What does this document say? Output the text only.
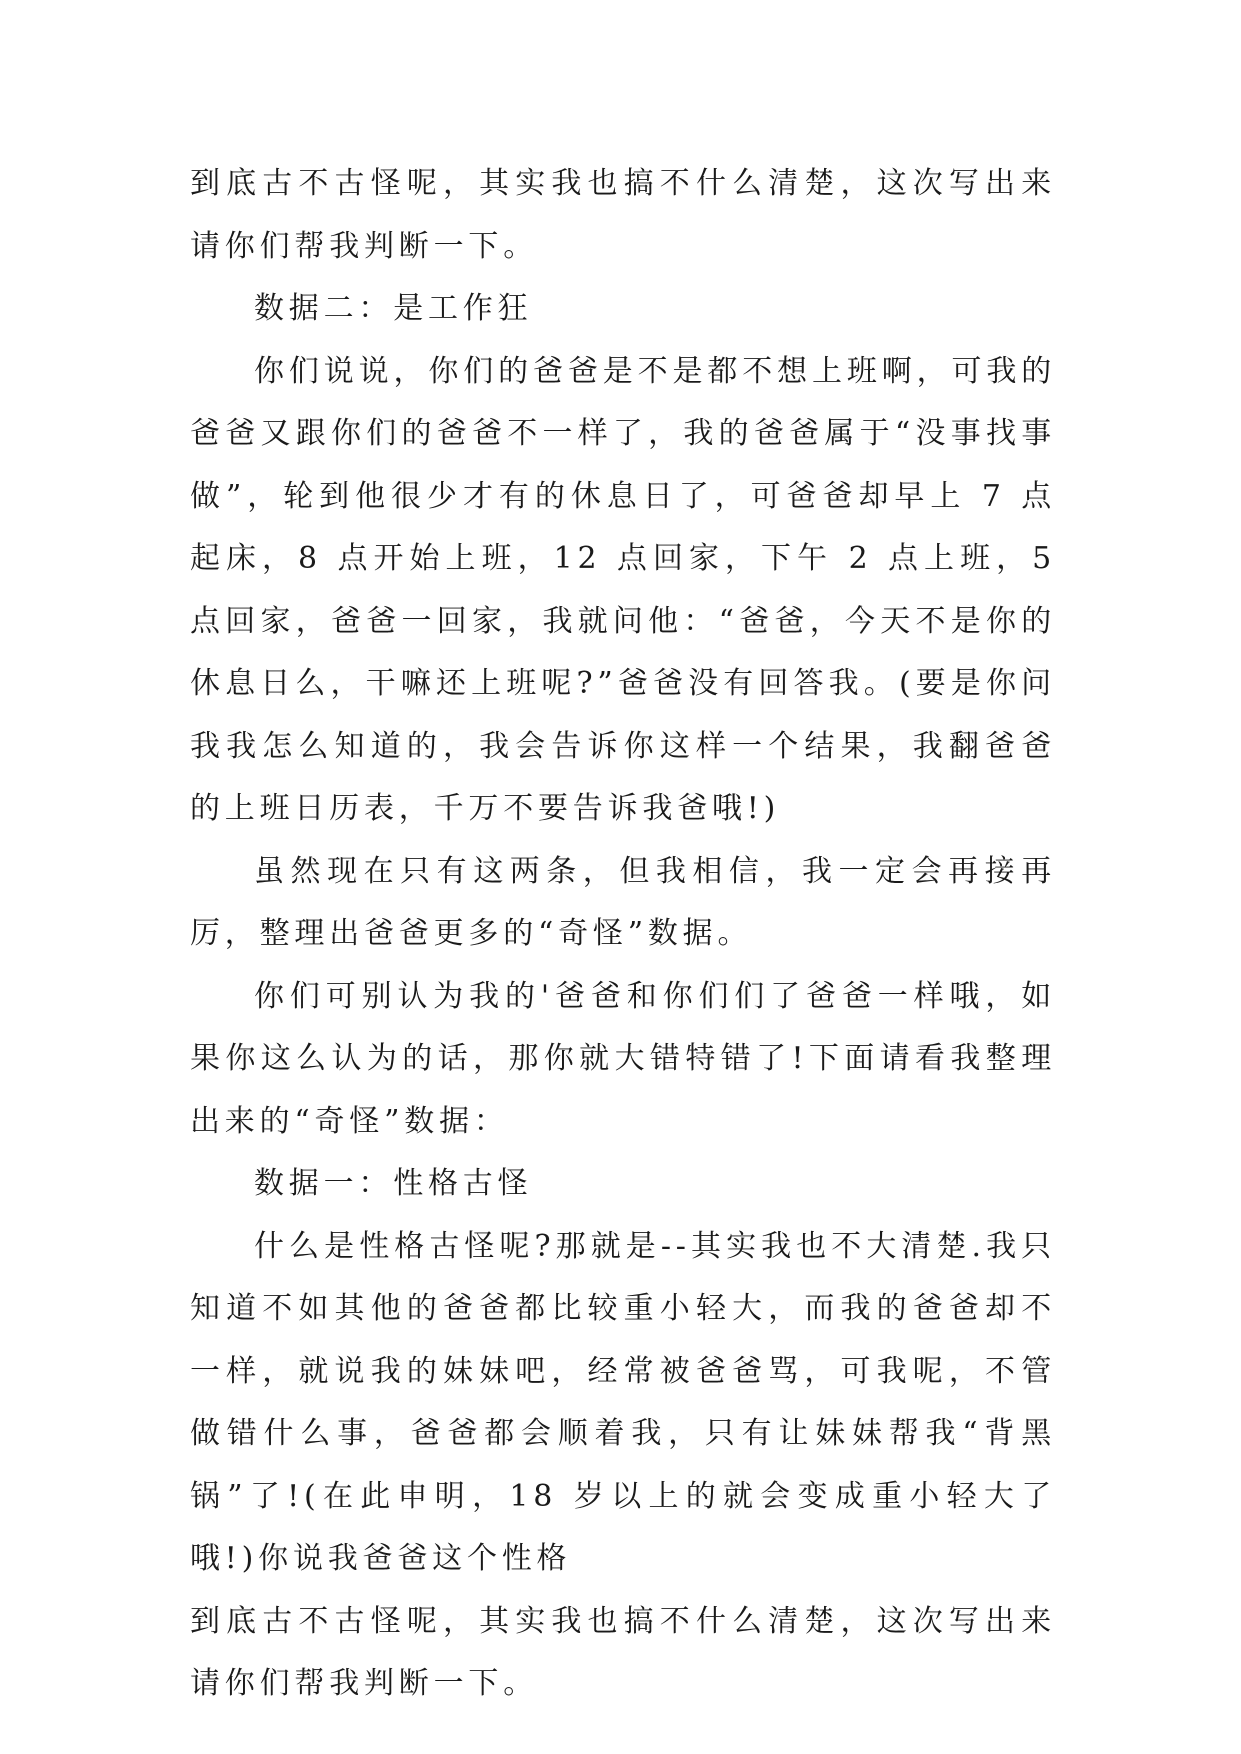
到底古不古怪呢，其实我也搞不什么清楚，这次写出来请你们帮我判断一下。

数据二：是工作狂

你们说说，你们的爸爸是不是都不想上班啊，可我的爸爸又跟你们的爸爸不一样了，我的爸爸属于“没事找事做”，轮到他很少才有的休息日了，可爸爸却早上 7 点起床，8 点开始上班，12 点回家，下午 2 点上班，5 点回家，爸爸一回家，我就问他：“爸爸，今天不是你的休息日么，干嘛还上班呢?”爸爸没有回答我。(要是你问我我怎么知道的，我会告诉你这样一个结果，我翻爸爸的上班日历表，千万不要告诉我爸哦!)

虽然现在只有这两条，但我相信，我一定会再接再厉，整理出爸爸更多的“奇怪”数据。

你们可别认为我的'爸爸和你们们了爸爸一样哦，如果你这么认为的话，那你就大错特错了!下面请看我整理出来的“奇怪”数据：

数据一：性格古怪

什么是性格古怪呢?那就是--其实我也不大清楚.我只知道不如其他的爸爸都比较重小轻大，而我的爸爸却不一样，就说我的妹妹吧，经常被爸爸骂，可我呢，不管做错什么事，爸爸都会顺着我，只有让妹妹帮我“背黑锅”了!(在此申明，18 岁以上的就会变成重小轻大了哦!)你说我爸爸这个性格

到底古不古怪呢，其实我也搞不什么清楚，这次写出来请你们帮我判断一下。
